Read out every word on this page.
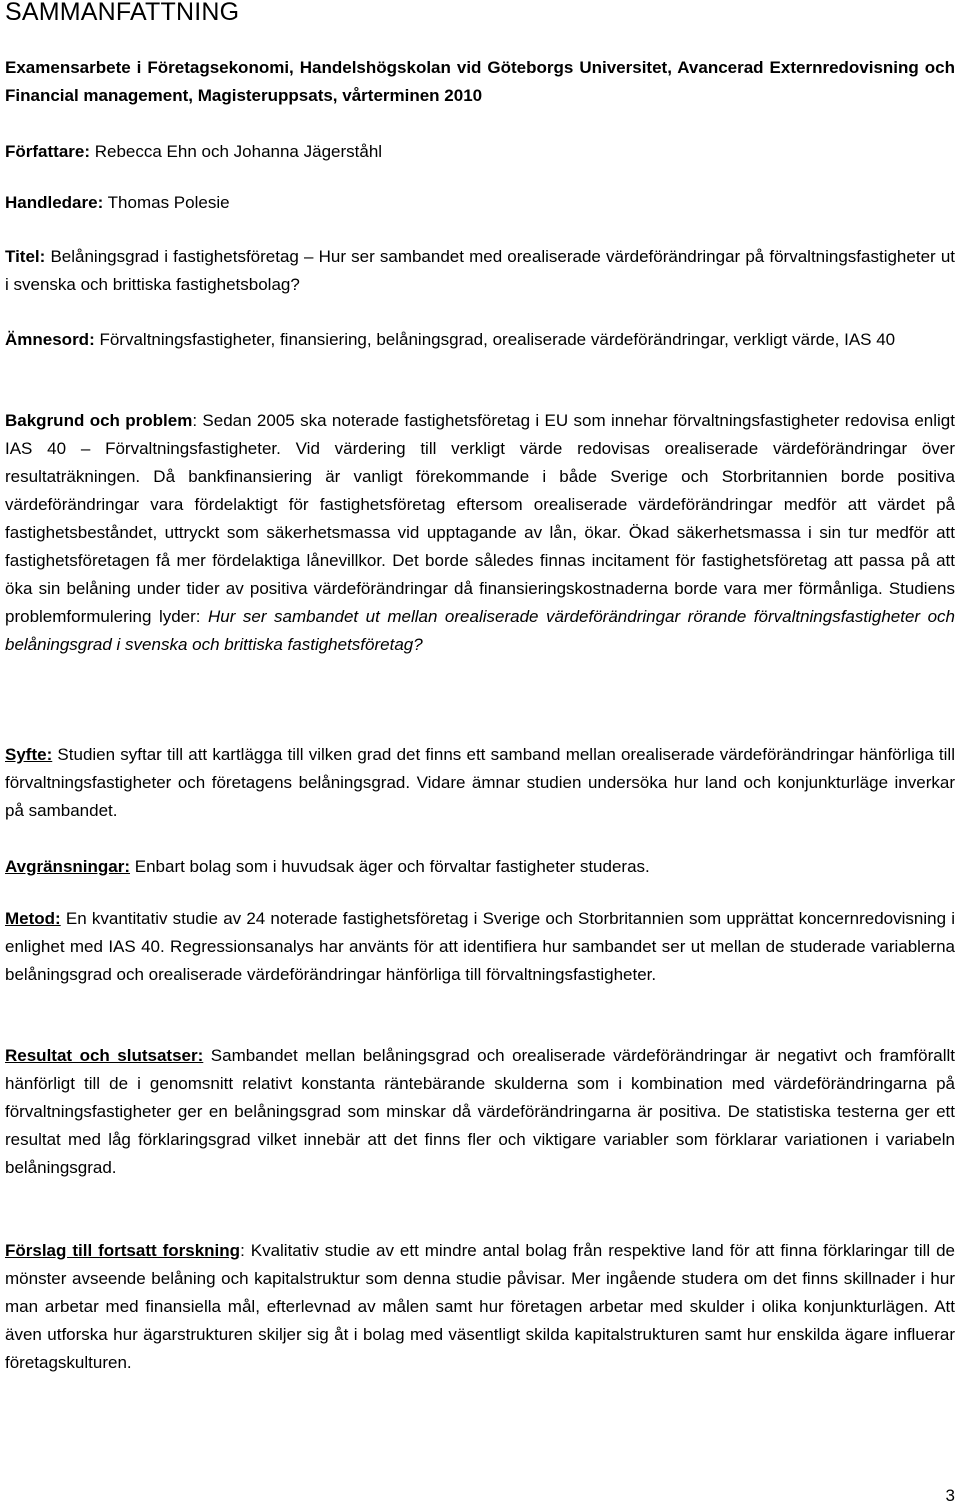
SAMMANFATTNING
Examensarbete i Företagsekonomi, Handelshögskolan vid Göteborgs Universitet, Avancerad Externredovisning och Financial management, Magisteruppsats, vårterminen 2010
Författare: Rebecca Ehn och Johanna Jägerståhl
Handledare: Thomas Polesie
Titel: Belåningsgrad i fastighetsföretag – Hur ser sambandet med orealiserade värdeförändringar på förvaltningsfastigheter ut i svenska och brittiska fastighetsbolag?
Ämnesord: Förvaltningsfastigheter, finansiering, belåningsgrad, orealiserade värdeförändringar, verkligt värde, IAS 40
Bakgrund och problem: Sedan 2005 ska noterade fastighetsföretag i EU som innehar förvaltningsfastigheter redovisa enligt IAS 40 – Förvaltningsfastigheter. Vid värdering till verkligt värde redovisas orealiserade värdeförändringar över resultaträkningen. Då bankfinansiering är vanligt förekommande i både Sverige och Storbritannien borde positiva värdeförändringar vara fördelaktigt för fastighetsföretag eftersom orealiserade värdeförändringar medför att värdet på fastighetsbeståndet, uttryckt som säkerhetsmassa vid upptagande av lån, ökar. Ökad säkerhetsmassa i sin tur medför att fastighetsföretagen få mer fördelaktiga lånevillkor. Det borde således finnas incitament för fastighetsföretag att passa på att öka sin belåning under tider av positiva värdeförändringar då finansieringskostnaderna borde vara mer förmånliga. Studiens problemformulering lyder: Hur ser sambandet ut mellan orealiserade värdeförändringar rörande förvaltningsfastigheter och belåningsgrad i svenska och brittiska fastighetsföretag?
Syfte: Studien syftar till att kartlägga till vilken grad det finns ett samband mellan orealiserade värdeförändringar hänförliga till förvaltningsfastigheter och företagens belåningsgrad. Vidare ämnar studien undersöka hur land och konjunkturläge inverkar på sambandet.
Avgränsningar: Enbart bolag som i huvudsak äger och förvaltar fastigheter studeras.
Metod: En kvantitativ studie av 24 noterade fastighetsföretag i Sverige och Storbritannien som upprättat koncernredovisning i enlighet med IAS 40. Regressionsanalys har använts för att identifiera hur sambandet ser ut mellan de studerade variablerna belåningsgrad och orealiserade värdeförändringar hänförliga till förvaltningsfastigheter.
Resultat och slutsatser: Sambandet mellan belåningsgrad och orealiserade värdeförändringar är negativt och framförallt hänförligt till de i genomsnitt relativt konstanta räntebärande skulderna som i kombination med värdeförändringarna på förvaltningsfastigheter ger en belåningsgrad som minskar då värdeförändringarna är positiva. De statistiska testerna ger ett resultat med låg förklaringsgrad vilket innebär att det finns fler och viktigare variabler som förklarar variationen i variabeln belåningsgrad.
Förslag till fortsatt forskning: Kvalitativ studie av ett mindre antal bolag från respektive land för att finna förklaringar till de mönster avseende belåning och kapitalstruktur som denna studie påvisar. Mer ingående studera om det finns skillnader i hur man arbetar med finansiella mål, efterlevnad av målen samt hur företagen arbetar med skulder i olika konjunkturlägen. Att även utforska hur ägarstrukturen skiljer sig åt i bolag med väsentligt skilda kapitalstrukturen samt hur enskilda ägare influerar företagskulturen.
3
